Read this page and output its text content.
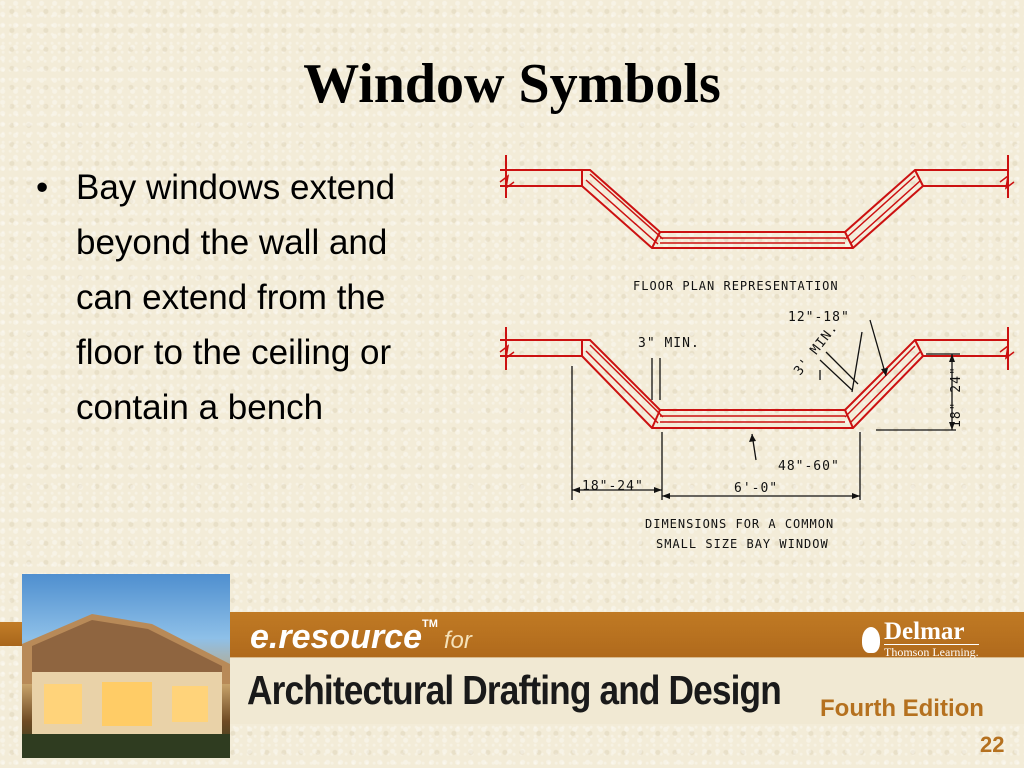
Window Symbols
• Bay windows extend
beyond the wall and
can extend from the
floor to the ceiling or
contain a bench
FLOOR PLAN REPRESENTATION
12"-18"
3" MIN.	3' MIN.
18" 24"
48"-60"
18"-24"	6'-0"
DIMENSIONS FOR A COMMON
SMALL SIZE BAY WINDOW
e.resource™for	Delmar
Thomson Learning.
Architectural Drafting and Design Fourth Edition
22
